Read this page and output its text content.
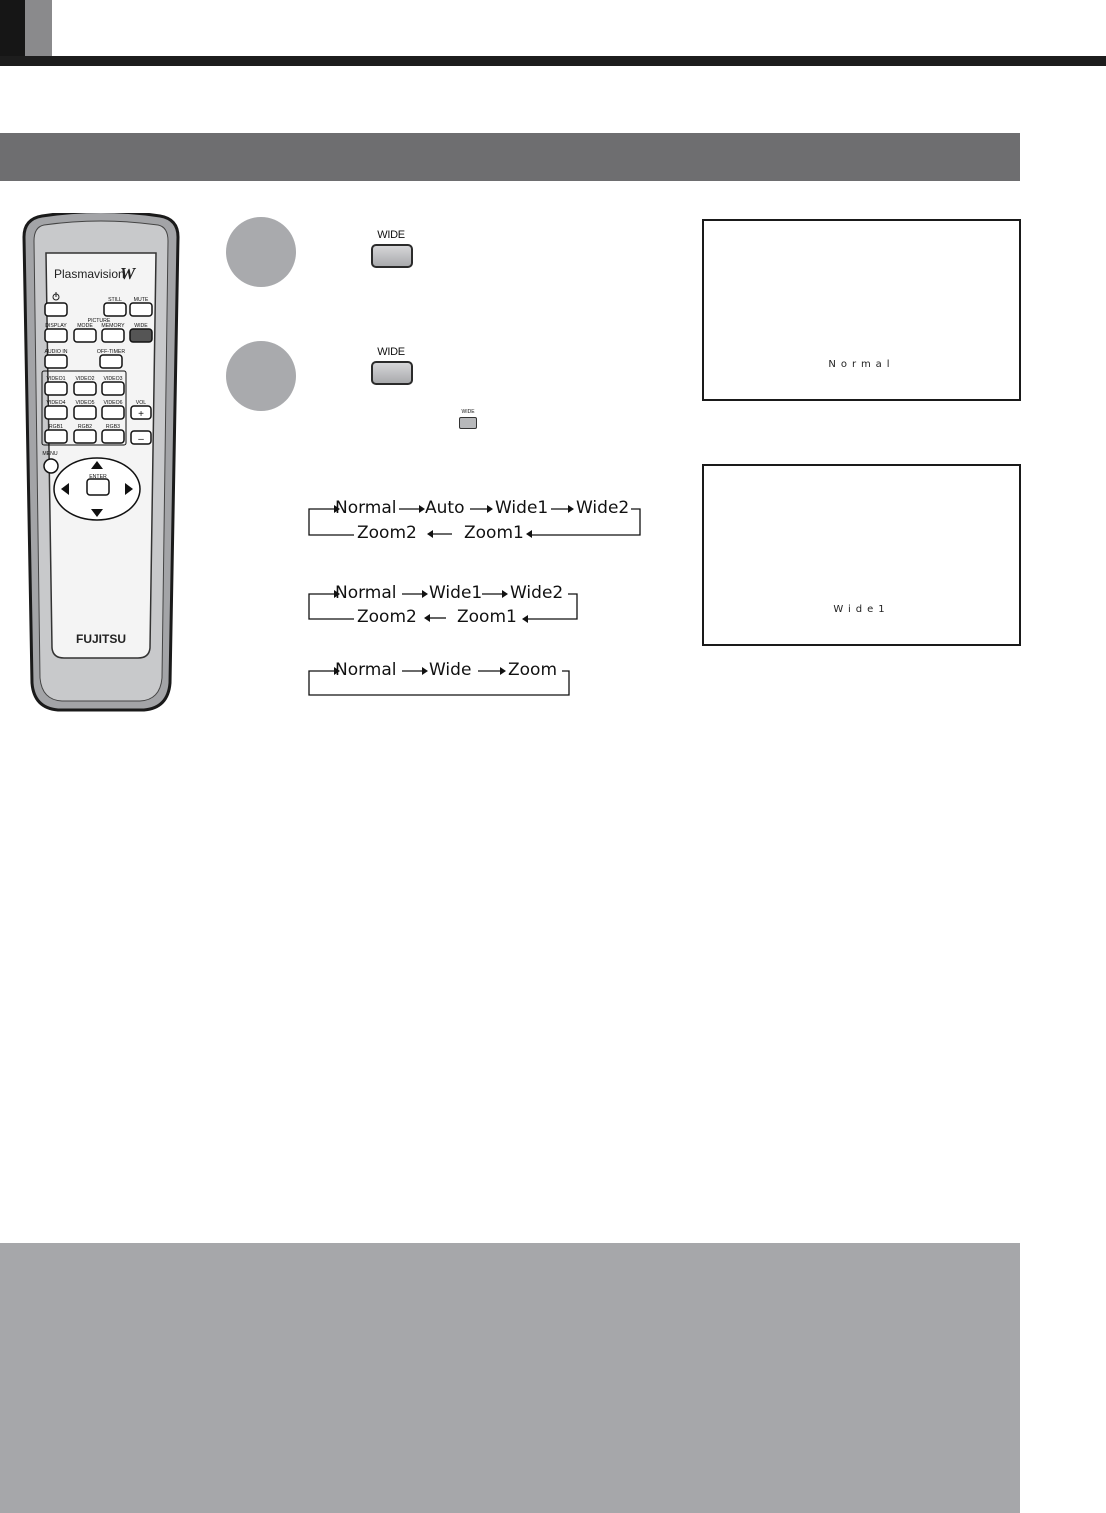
Plasmavision
W
FUJITSU
STILL MUTE
DISPLAY MODE MEMORY WIDE
PICTURE
AUDIO IN	OFF-TIMER
VIDEO1 VIDEO2 VIDEO3
VIDEO4 VIDEO5 VIDEO6
RGB1	RGB2	RGB3
VOL
MENU
ENTER
+
–
WIDE
WIDE
WIDE
Normal Auto Wide1 Wide2
Zoom2	Zoom1
Normal Wide1 Wide2
Zoom2 Zoom1
Normal Wide Zoom
Normal
Wide1
